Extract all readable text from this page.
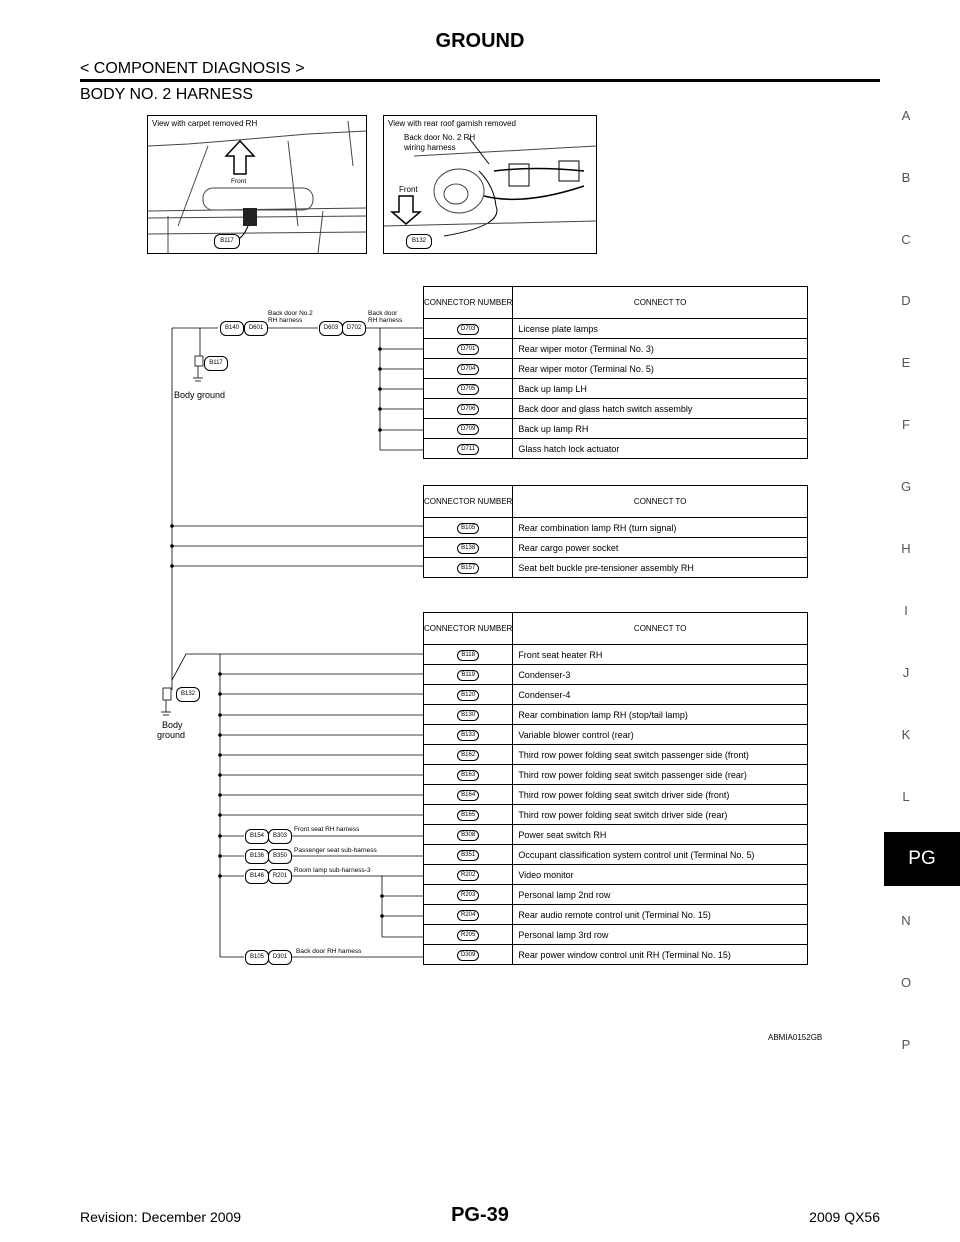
GROUND
< COMPONENT DIAGNOSIS >
BODY NO. 2 HARNESS
A
B
C
D
E
F
G
H
I
J
K
L
PG
N
O
P
View with carpet removed RH
Front
B117
View with rear roof garnish removed
Back door No. 2 RH wiring harness
Front
B132
B117
Body ground
B132
Body
ground
B140	D601
Back door No.2
RH harness
D603	D702
Back door
RH harness
B154	B303
Front seat RH harness
B136	B350
Passenger seat sub-harness
B146	R201
Room lamp sub-harness-3
B105	D301
Back door RH harness
CONNECTOR NUMBER	CONNECT TO
D703	License plate lamps
D701	Rear wiper motor (Terminal No. 3)
D704	Rear wiper motor (Terminal No. 5)
D705	Back up lamp LH
D706	Back door and glass hatch switch assembly
D709	Back up lamp RH
D711	Glass hatch lock actuator
CONNECTOR NUMBER	CONNECT TO
B105	Rear combination lamp RH (turn signal)
B138	Rear cargo power socket
B157	Seat belt buckle pre-tensioner assembly RH
CONNECTOR NUMBER	CONNECT TO
B118	Front seat heater RH
B119	Condenser-3
B120	Condenser-4
B130	Rear combination lamp RH (stop/tail lamp)
B133	Variable blower control (rear)
B162	Third row power folding seat switch passenger side (front)
B163	Third row power folding seat switch passenger side (rear)
B164	Third row power folding seat switch driver side (front)
B165	Third row power folding seat switch driver side (rear)
B308	Power seat switch RH
B351	Occupant classification system control unit (Terminal No. 5)
R202	Video monitor
R203	Personal lamp 2nd row
R204	Rear audio remote control unit (Terminal No. 15)
R205	Personal lamp 3rd row
D309	Rear power window control unit RH (Terminal No. 15)
ABMIA0152GB
Revision: December 2009	PG-39	2009 QX56
